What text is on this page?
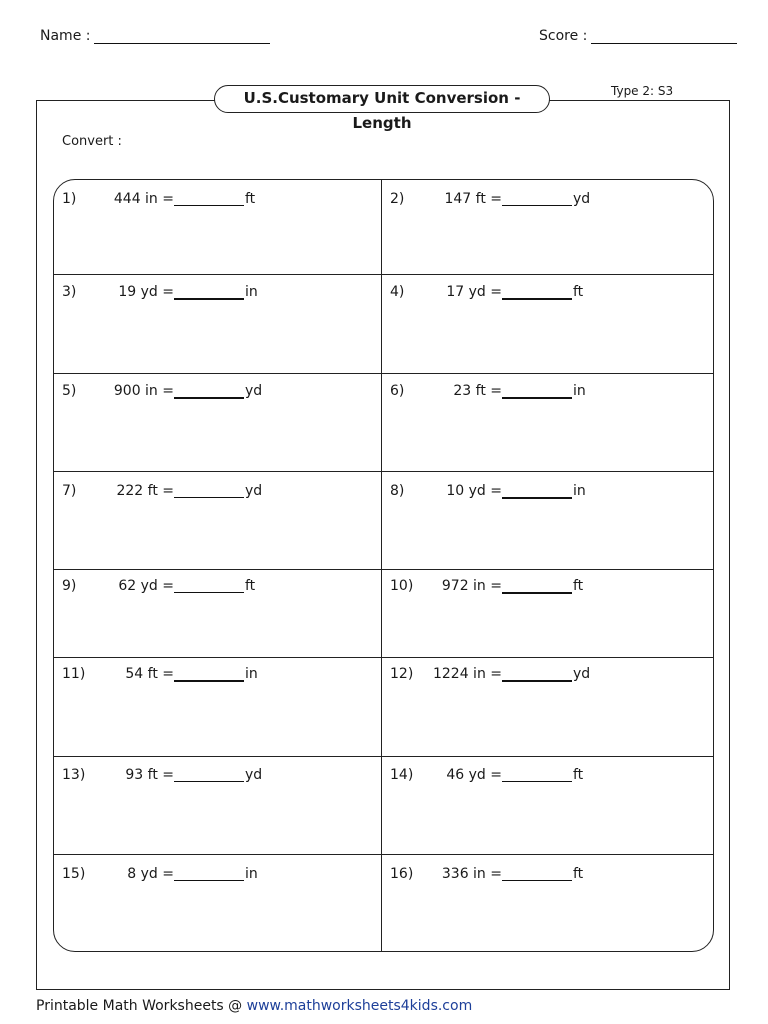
Name :	Score :
U.S.Customary Unit Conversion - Length
Type 2: S3
Convert :
1)	444 in =	ft	2)	147 ft =	yd
3)	19 yd =	in	4)	17 yd =	ft
5)	900 in =	yd	6)	23 ft =	in
7)	222 ft =	yd	8)	10 yd =	in
9)	62 yd =	ft	10)	972 in =	ft
11)	54 ft =	in	12)	1224 in =	yd
13)	93 ft =	yd	14)	46 yd =	ft
15)	8 yd =	in	16)	336 in =	ft
Printable Math Worksheets @ www.mathworksheets4kids.com
